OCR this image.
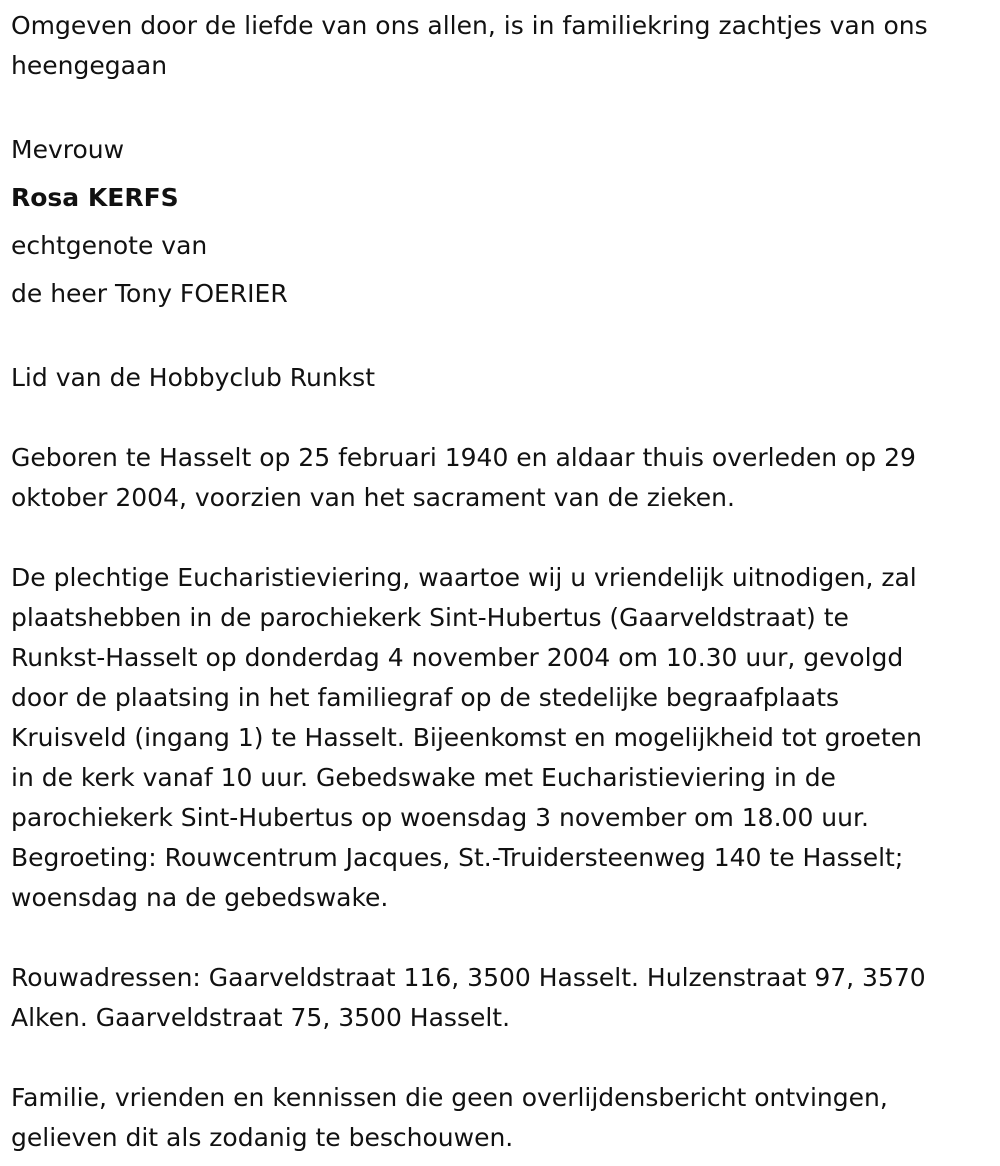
Omgeven door de liefde van ons allen, is in familiekring zachtjes van ons
heengegaan
Mevrouw
Rosa KERFS
echtgenote van
de heer Tony FOERIER
Lid van de Hobbyclub Runkst
Geboren te Hasselt op 25 februari 1940 en aldaar thuis overleden op 29
oktober 2004, voorzien van het sacrament van de zieken.
De plechtige Eucharistieviering, waartoe wij u vriendelijk uitnodigen, zal
plaatshebben in de parochiekerk Sint-Hubertus (Gaarveldstraat) te
Runkst-Hasselt op donderdag 4 november 2004 om 10.30 uur, gevolgd
door de plaatsing in het familiegraf op de stedelijke begraafplaats
Kruisveld (ingang 1) te Hasselt. Bijeenkomst en mogelijkheid tot groeten
in de kerk vanaf 10 uur. Gebedswake met Eucharistieviering in de
parochiekerk Sint-Hubertus op woensdag 3 november om 18.00 uur.
Begroeting: Rouwcentrum Jacques, St.-Truidersteenweg 140 te Hasselt;
woensdag na de gebedswake.
Rouwadressen: Gaarveldstraat 116, 3500 Hasselt. Hulzenstraat 97, 3570
Alken. Gaarveldstraat 75, 3500 Hasselt.
Familie, vrienden en kennissen die geen overlijdensbericht ontvingen,
gelieven dit als zodanig te beschouwen.
